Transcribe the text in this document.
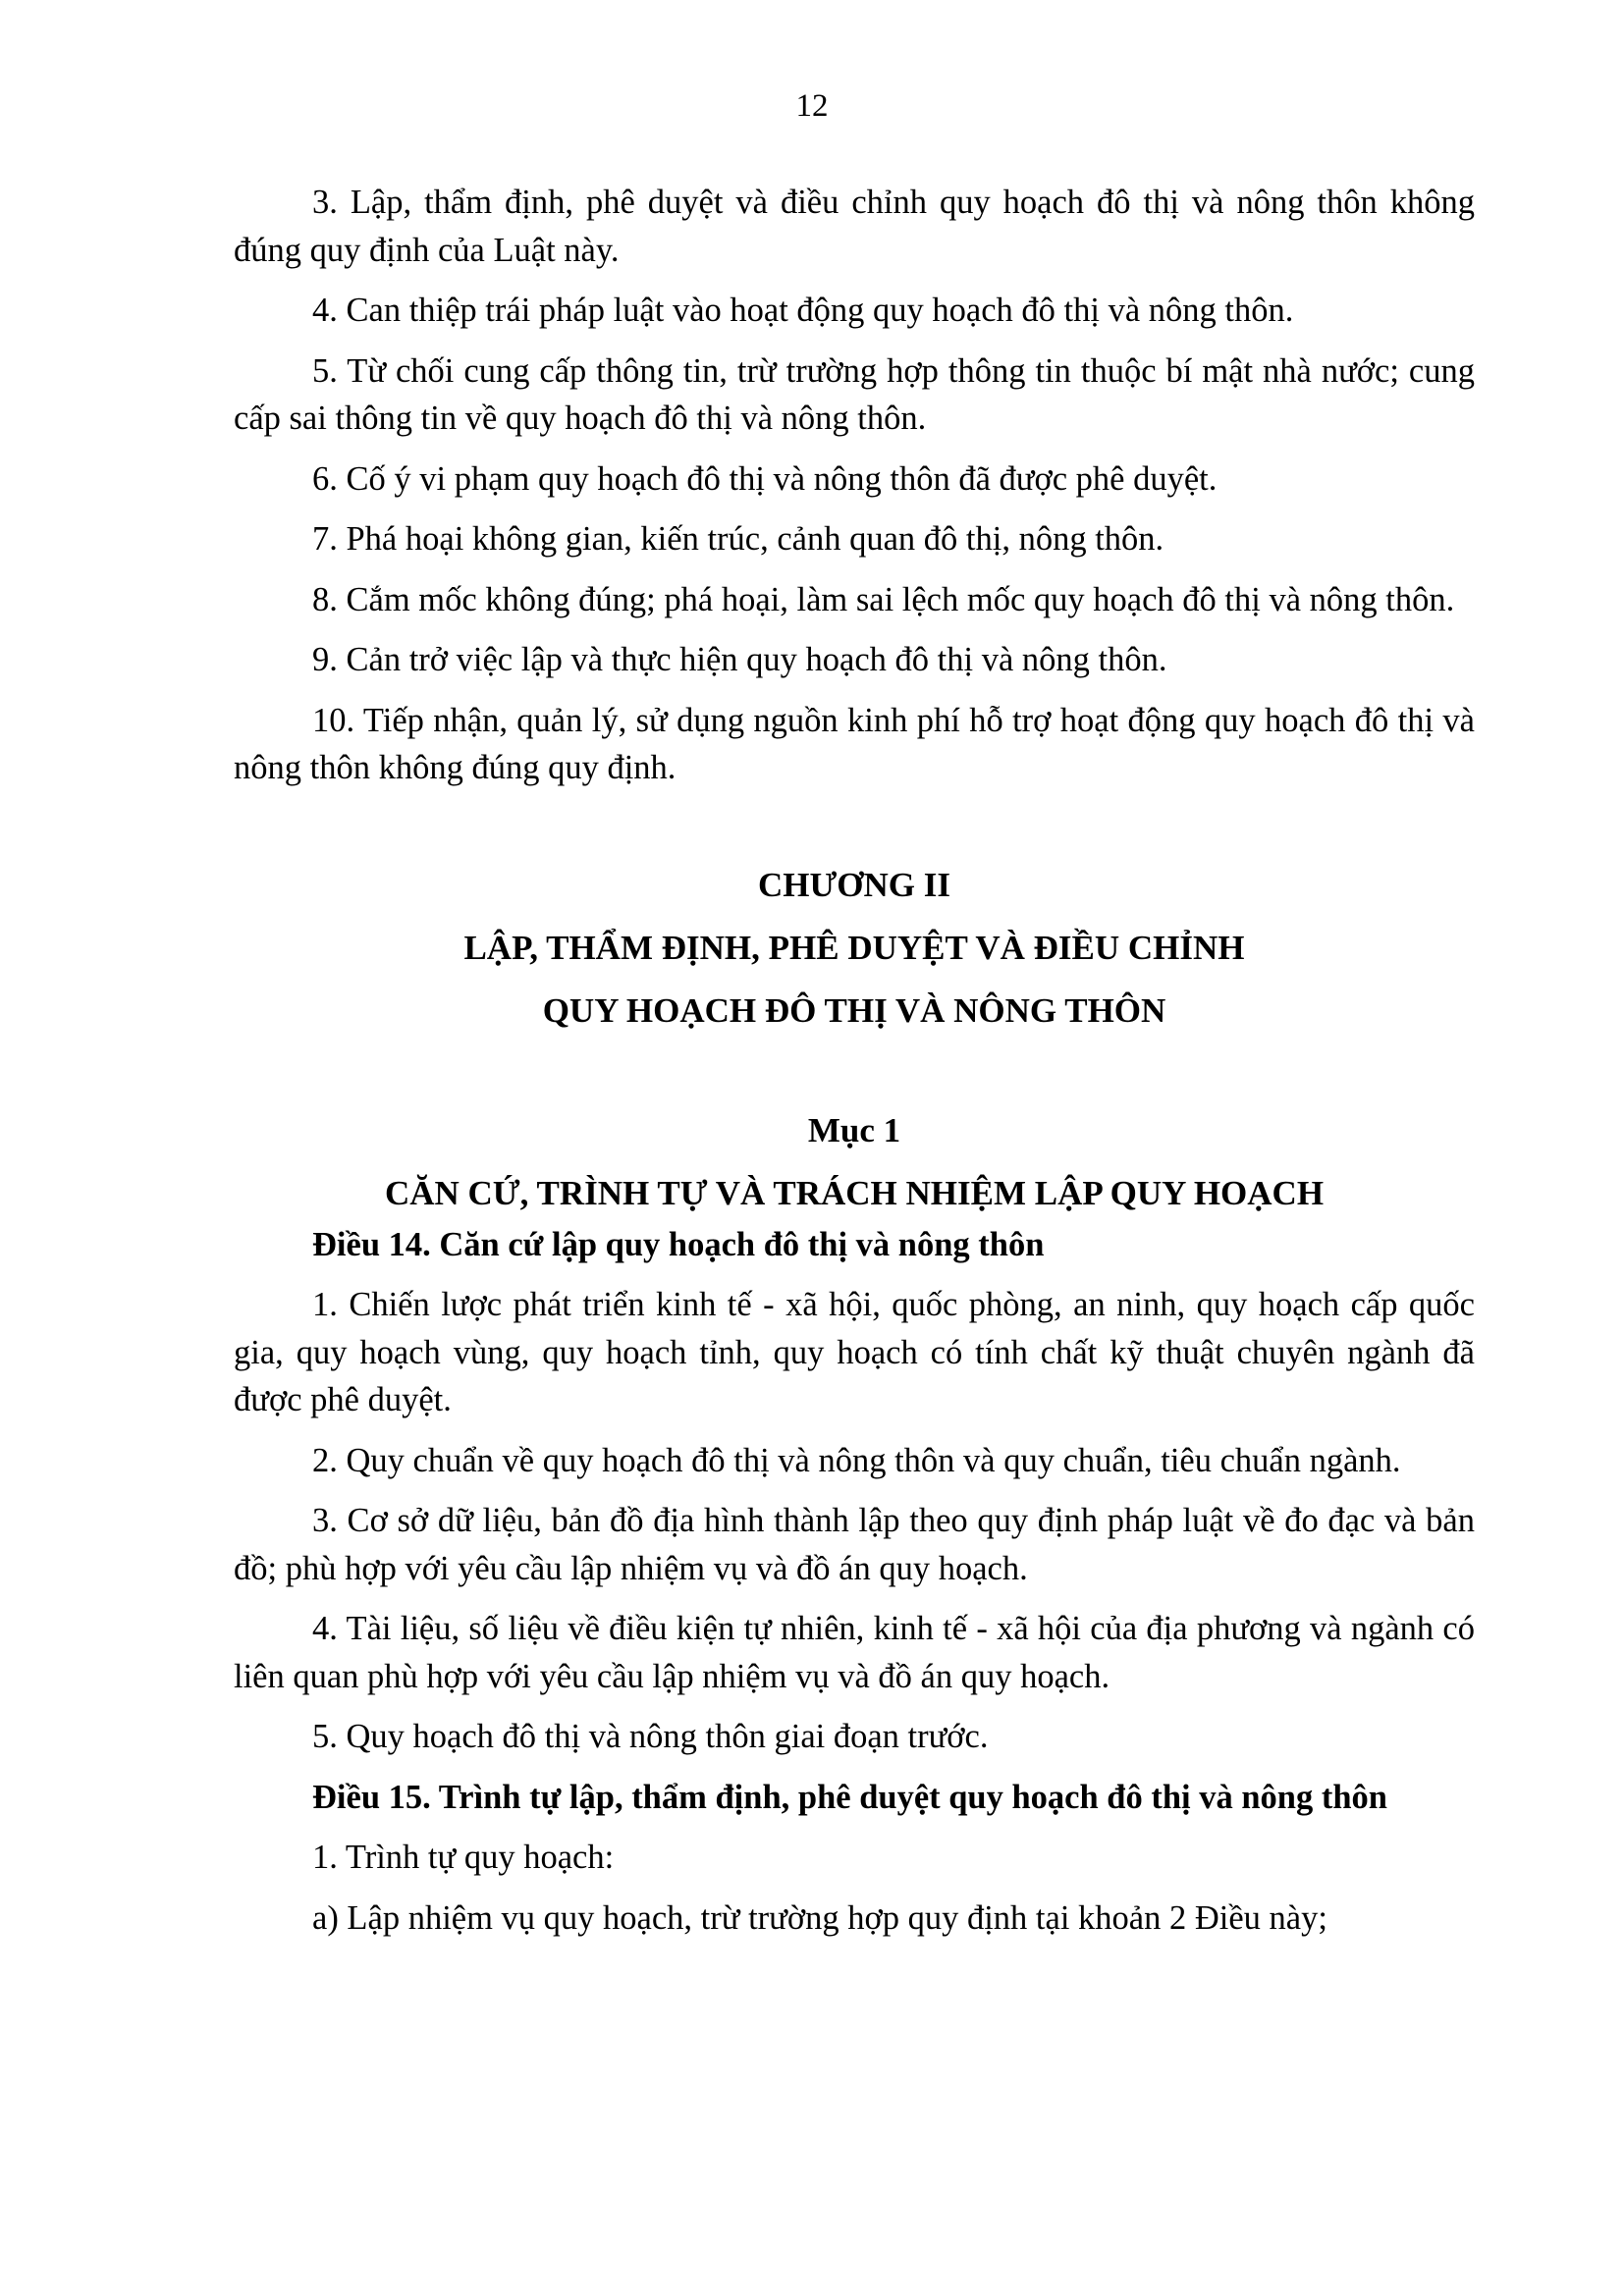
12

3. Lập, thẩm định, phê duyệt và điều chỉnh quy hoạch đô thị và nông thôn không đúng quy định của Luật này.

4. Can thiệp trái pháp luật vào hoạt động quy hoạch đô thị và nông thôn.

5. Từ chối cung cấp thông tin, trừ trường hợp thông tin thuộc bí mật nhà nước; cung cấp sai thông tin về quy hoạch đô thị và nông thôn.

6. Cố ý vi phạm quy hoạch đô thị và nông thôn đã được phê duyệt.

7. Phá hoại không gian, kiến trúc, cảnh quan đô thị, nông thôn.

8. Cắm mốc không đúng; phá hoại, làm sai lệch mốc quy hoạch đô thị và nông thôn.

9. Cản trở việc lập và thực hiện quy hoạch đô thị và nông thôn.

10. Tiếp nhận, quản lý, sử dụng nguồn kinh phí hỗ trợ hoạt động quy hoạch đô thị và nông thôn không đúng quy định.

CHƯƠNG II
LẬP, THẨM ĐỊNH, PHÊ DUYỆT VÀ ĐIỀU CHỈNH
QUY HOẠCH ĐÔ THỊ VÀ NÔNG THÔN
Mục 1
CĂN CỨ, TRÌNH TỰ VÀ TRÁCH NHIỆM LẬP QUY HOẠCH

Điều 14. Căn cứ lập quy hoạch đô thị và nông thôn

1. Chiến lược phát triển kinh tế - xã hội, quốc phòng, an ninh, quy hoạch cấp quốc gia, quy hoạch vùng, quy hoạch tỉnh, quy hoạch có tính chất kỹ thuật chuyên ngành đã được phê duyệt.

2. Quy chuẩn về quy hoạch đô thị và nông thôn và quy chuẩn, tiêu chuẩn ngành.

3. Cơ sở dữ liệu, bản đồ địa hình thành lập theo quy định pháp luật về đo đạc và bản đồ; phù hợp với yêu cầu lập nhiệm vụ và đồ án quy hoạch.

4. Tài liệu, số liệu về điều kiện tự nhiên, kinh tế - xã hội của địa phương và ngành có liên quan phù hợp với yêu cầu lập nhiệm vụ và đồ án quy hoạch.

5. Quy hoạch đô thị và nông thôn giai đoạn trước.

Điều 15. Trình tự lập, thẩm định, phê duyệt quy hoạch đô thị và nông thôn

1. Trình tự quy hoạch:

a) Lập nhiệm vụ quy hoạch, trừ trường hợp quy định tại khoản 2 Điều này;
